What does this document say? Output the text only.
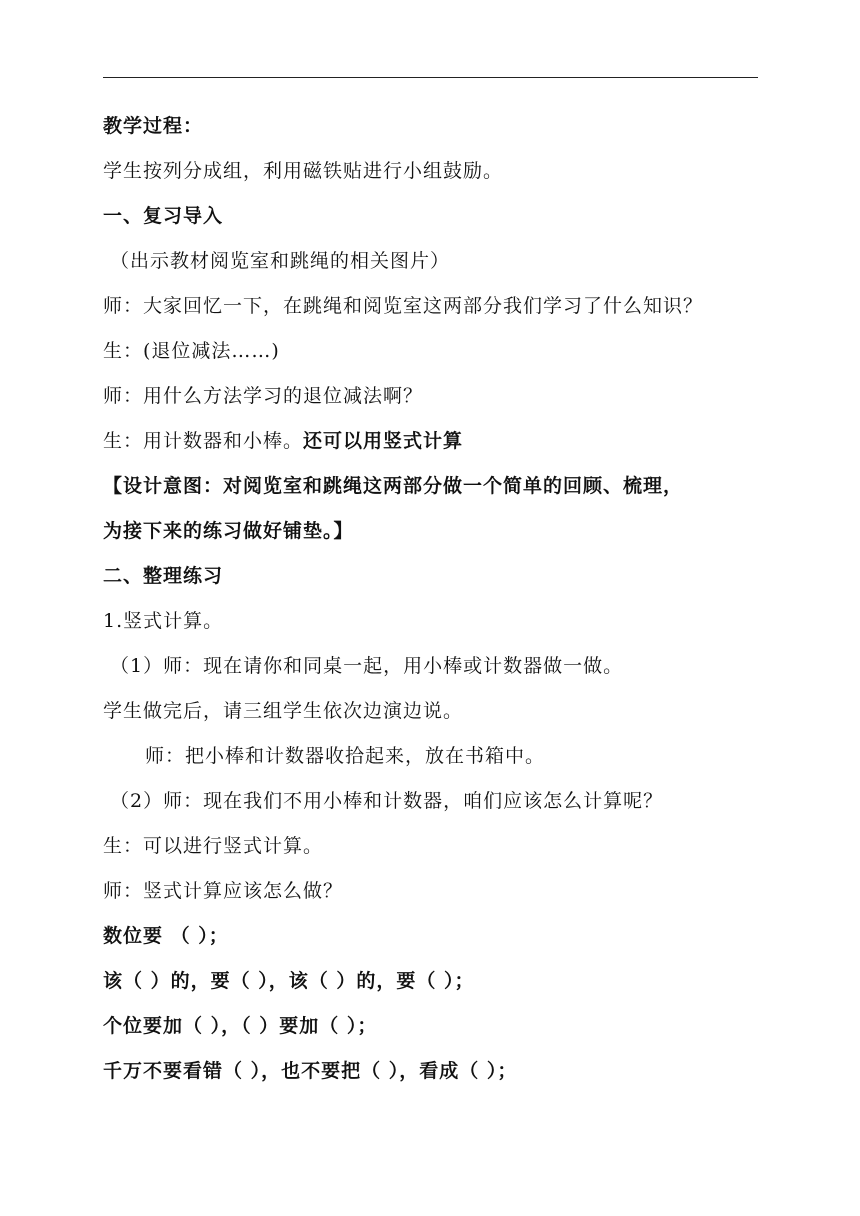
教学过程：
学生按列分成组，利用磁铁贴进行小组鼓励。
一、复习导入
（出示教材阅览室和跳绳的相关图片）
师：大家回忆一下，在跳绳和阅览室这两部分我们学习了什么知识？
生：(退位减法……)
师：用什么方法学习的退位减法啊？
生：用计数器和小棒。还可以用竖式计算
【设计意图：对阅览室和跳绳这两部分做一个简单的回顾、梳理，
为接下来的练习做好铺垫。】
二、整理练习
1.竖式计算。
（1）师：现在请你和同桌一起，用小棒或计数器做一做。
学生做完后，请三组学生依次边演边说。
师：把小棒和计数器收拾起来，放在书箱中。
（2）师：现在我们不用小棒和计数器，咱们应该怎么计算呢？
生：可以进行竖式计算。
师：竖式计算应该怎么做？
数位要 （ ）；
该（ ）的，要（ ），该（ ）的，要（ ）；
个位要加（ ），（ ）要加（ ）；
千万不要看错（ ），也不要把（ ），看成（ ）；
